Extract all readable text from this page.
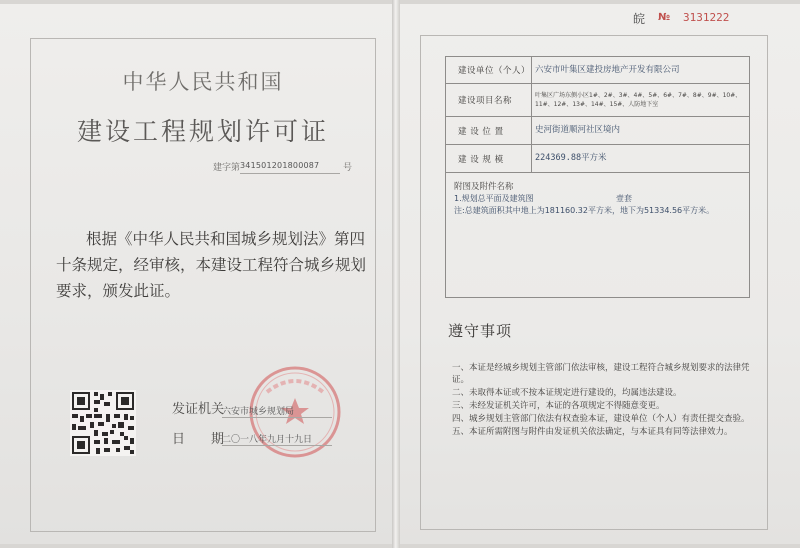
中华人民共和国
建设工程规划许可证
建字第 341501201800087	号
根据《中华人民共和国城乡规划法》第四十条规定，经审核，本建设工程符合城乡规划要求，颁发此证。
发证机关
六安市城乡规划局
日　　期
二〇一八年九月十九日
皖 № 3131222
建设单位（个人）	六安市叶集区建投房地产开发有限公司
建设项目名称	叶集区广场东侧小区1#、2#、3#、4#、5#、6#、7#、8#、9#、10#、11#、12#、13#、14#、15#、人防地下室
建 设 位 置	史河街道顺河社区境内
建 设 规 模	224369.88平方米
附图及附件名称
1.规划总平面及建筑图	壹套
注:总建筑面积其中地上为181160.32平方米，地下为51334.56平方米。
遵守事项
一、本证是经城乡规划主管部门依法审核，建设工程符合城乡规划要求的法律凭证。
二、未取得本证或不按本证规定进行建设的，均属违法建设。
三、未经发证机关许可，本证的各项规定不得随意变更。
四、城乡规划主管部门依法有权查验本证，建设单位（个人）有责任提交查验。
五、本证所需附图与附件由发证机关依法确定，与本证具有同等法律效力。
